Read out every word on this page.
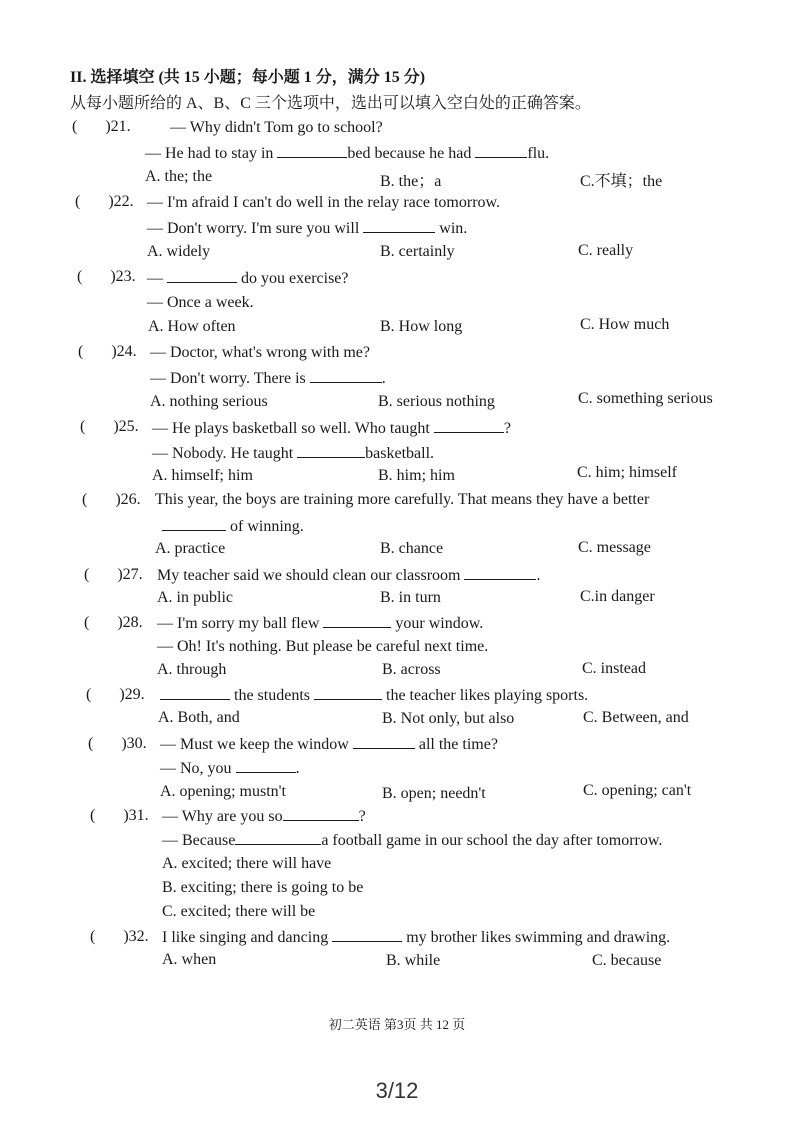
II. 选择填空 (共 15 小题；每小题 1 分，满分 15 分)
从每小题所给的 A、B、C 三个选项中，选出可以填入空白处的正确答案。
(       )21. — Why didn't Tom go to school?
— He had to stay in	bed because he had	flu.
A. the; the	B. the；a	C.不填；the
(       )22. — I'm afraid I can't do well in the relay race tomorrow.
— Don't worry. I'm sure you will	win.
A. widely	B. certainly	C. really
(       )23. —	do you exercise?
— Once a week.
A. How often	B. How long	C. How much
(       )24. — Doctor, what's wrong with me?
— Don't worry. There is	.
A. nothing serious	B. serious nothing	C. something serious
(       )25. — He plays basketball so well. Who taught	?
— Nobody. He taught	basketball.
A. himself; him	B. him; him	C. him; himself
(       )26. This year, the boys are training more carefully. That means they have a better
of winning.
A. practice	B. chance	C. message
(       )27. My teacher said we should clean our classroom	.
A. in public	B. in turn	C.in danger
(       )28. — I'm sorry my ball flew	your window.
— Oh! It's nothing. But please be careful next time.
A. through	B. across	C. instead
(       )29.	the students	the teacher likes playing sports.
A. Both, and	B. Not only, but also	C. Between, and
(       )30. — Must we keep the window	all the time?
— No, you	.
A. opening; mustn't	B. open; needn't	C. opening; can't
(       )31. — Why are you so	?
— Because	a football game in our school the day after tomorrow.
A. excited; there will have
B. exciting; there is going to be
C. excited; there will be
(       )32. I like singing and dancing	my brother likes swimming and drawing.
A. when	B. while	C. because
初二英语 第3页 共 12 页
3/12
